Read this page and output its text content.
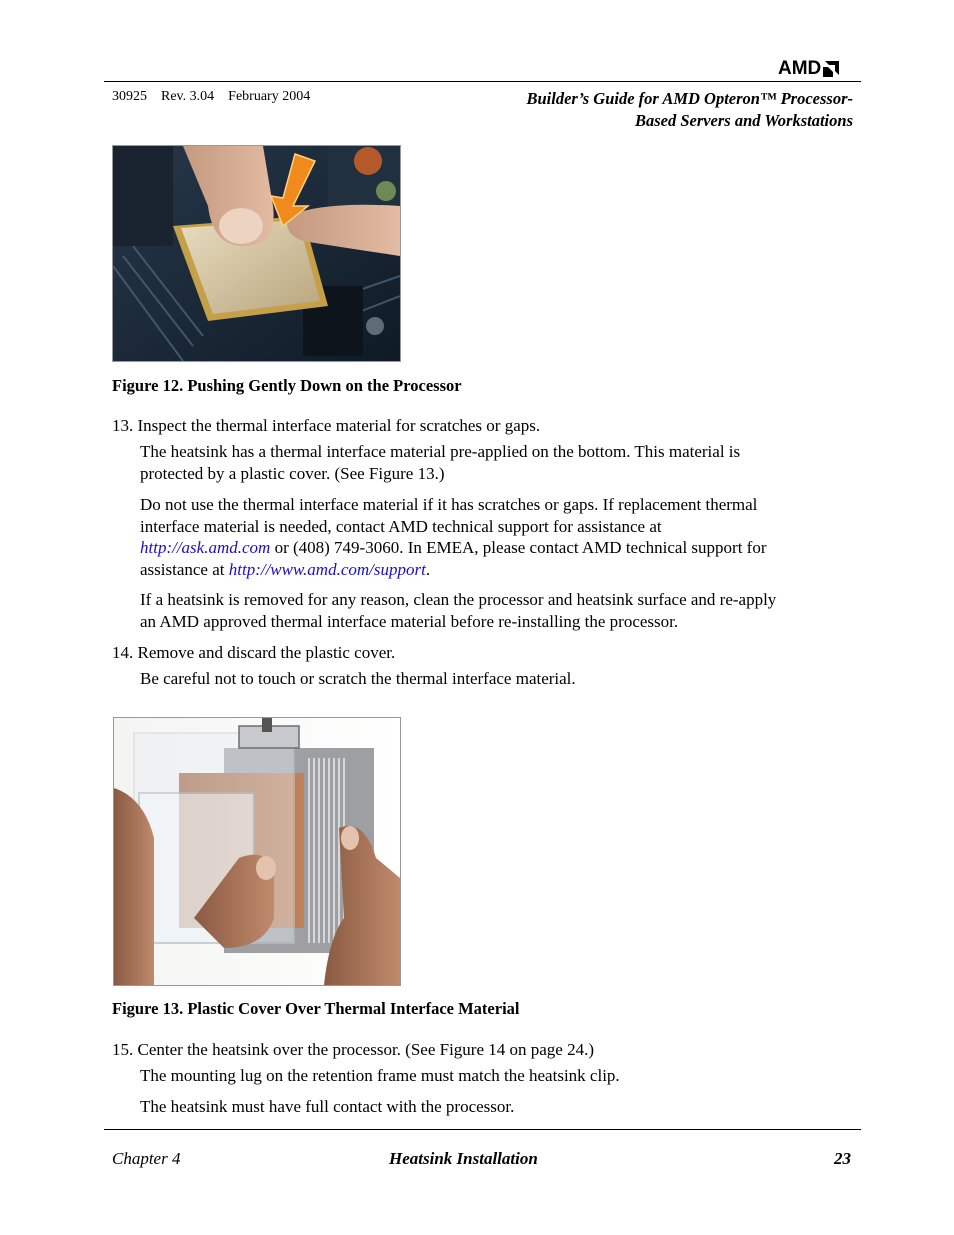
AMD
30925 Rev. 3.04 February 2004	Builder’s Guide for AMD Opteron™ Processor-
Based Servers and Workstations
Figure 12. Pushing Gently Down on the Processor
13. Inspect the thermal interface material for scratches or gaps.
The heatsink has a thermal interface material pre-applied on the bottom. This material is
protected by a plastic cover. (See Figure 13.)
Do not use the thermal interface material if it has scratches or gaps. If replacement thermal
interface material is needed, contact AMD technical support for assistance at
http://ask.amd.com or (408) 749-3060. In EMEA, please contact AMD technical support for
assistance at http://www.amd.com/support.
If a heatsink is removed for any reason, clean the processor and heatsink surface and re-apply
an AMD approved thermal interface material before re-installing the processor.
14. Remove and discard the plastic cover.
Be careful not to touch or scratch the thermal interface material.
Figure 13. Plastic Cover Over Thermal Interface Material
15. Center the heatsink over the processor. (See Figure 14 on page 24.)
The mounting lug on the retention frame must match the heatsink clip.
The heatsink must have full contact with the processor.
Chapter 4	Heatsink Installation	23
